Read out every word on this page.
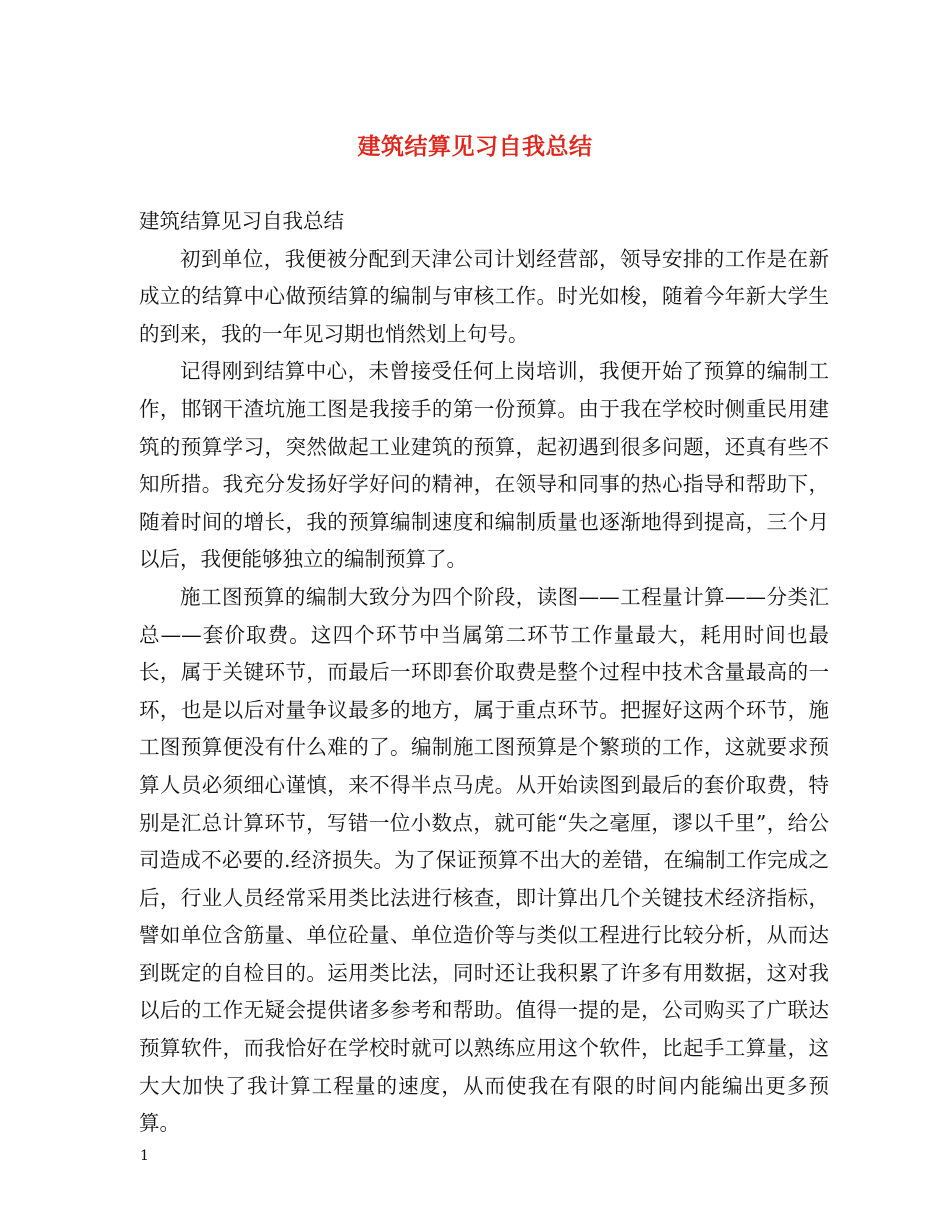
建筑结算见习自我总结

建筑结算见习自我总结

初到单位，我便被分配到天津公司计划经营部，领导安排的工作是在新成立的结算中心做预结算的编制与审核工作。时光如梭，随着今年新大学生的到来，我的一年见习期也悄然划上句号。

记得刚到结算中心，未曾接受任何上岗培训，我便开始了预算的编制工作，邯钢干渣坑施工图是我接手的第一份预算。由于我在学校时侧重民用建筑的预算学习，突然做起工业建筑的预算，起初遇到很多问题，还真有些不知所措。我充分发扬好学好问的精神，在领导和同事的热心指导和帮助下，随着时间的增长，我的预算编制速度和编制质量也逐渐地得到提高，三个月以后，我便能够独立的编制预算了。

施工图预算的编制大致分为四个阶段，读图——工程量计算——分类汇总——套价取费。这四个环节中当属第二环节工作量最大，耗用时间也最长，属于关键环节，而最后一环即套价取费是整个过程中技术含量最高的一环，也是以后对量争议最多的地方，属于重点环节。把握好这两个环节，施工图预算便没有什么难的了。编制施工图预算是个繁琐的工作，这就要求预算人员必须细心谨慎，来不得半点马虎。从开始读图到最后的套价取费，特别是汇总计算环节，写错一位小数点，就可能“失之毫厘，谬以千里”，给公司造成不必要的.经济损失。为了保证预算不出大的差错，在编制工作完成之后，行业人员经常采用类比法进行核查，即计算出几个关键技术经济指标，譬如单位含筋量、单位砼量、单位造价等与类似工程进行比较分析，从而达到既定的自检目的。运用类比法，同时还让我积累了许多有用数据，这对我以后的工作无疑会提供诸多参考和帮助。值得一提的是，公司购买了广联达预算软件，而我恰好在学校时就可以熟练应用这个软件，比起手工算量，这大大加快了我计算工程量的速度，从而使我在有限的时间内能编出更多预算。

1
